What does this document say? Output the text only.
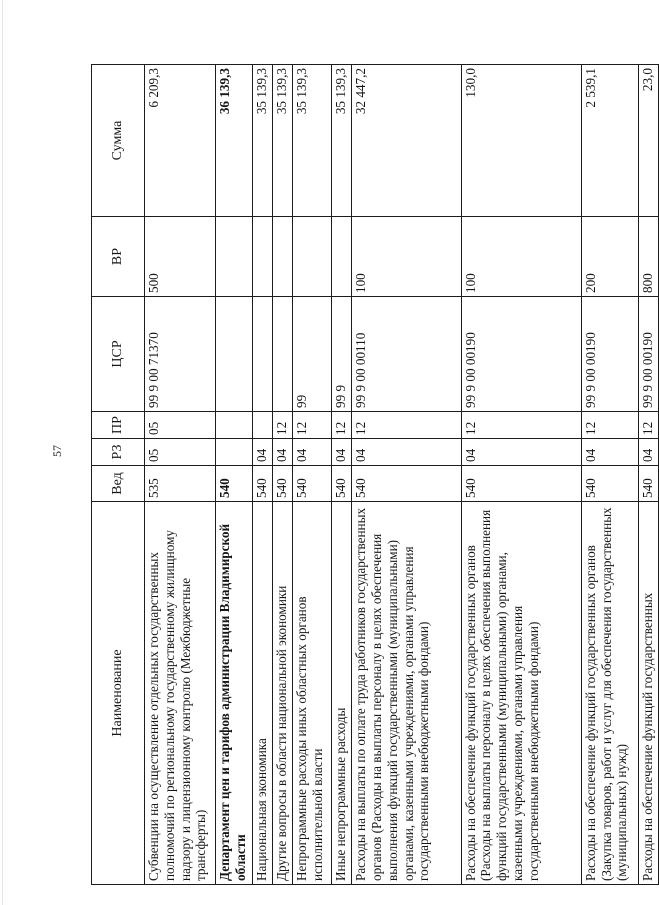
57
Наименование	Вед	РЗ	ПР	ЦСР	ВР	Сумма
Субвенции на осуществление отдельных государственных полномочий по региональному государственному жилищному надзору и лицензионному контролю (Межбюджетные трансферты)	535	05	05	99 9 00 71370	500	6 209,3
Департамент цен и тарифов администрации Владимирской области	540					36 139,3
Национальная экономика	540	04				35 139,3
Другие вопросы в области национальной экономики	540	04	12			35 139,3
Непрограммные расходы иных областных органов исполнительной власти	540	04	12	99		35 139,3
Иные непрограммные расходы	540	04	12	99 9		35 139,3
Расходы на выплаты по оплате труда работников государственных органов (Расходы на выплаты персоналу в целях обеспечения выполнения функций государственными (муниципальными) органами, казенными учреждениями, органами управления государственными внебюджетными фондами)	540	04	12	99 9 00 00110	100	32 447,2
Расходы на обеспечение функций государственных органов (Расходы на выплаты персоналу в целях обеспечения выполнения функций государственными (муниципальными) органами, казенными учреждениями, органами управления государственными внебюджетными фондами)	540	04	12	99 9 00 00190	100	130,0
Расходы на обеспечение функций государственных органов (Закупка товаров, работ и услуг для обеспечения государственных (муниципальных) нужд)	540	04	12	99 9 00 00190	200	2 539,1
Расходы на обеспечение функций государственных	540	04	12	99 9 00 00190	800	23,0
